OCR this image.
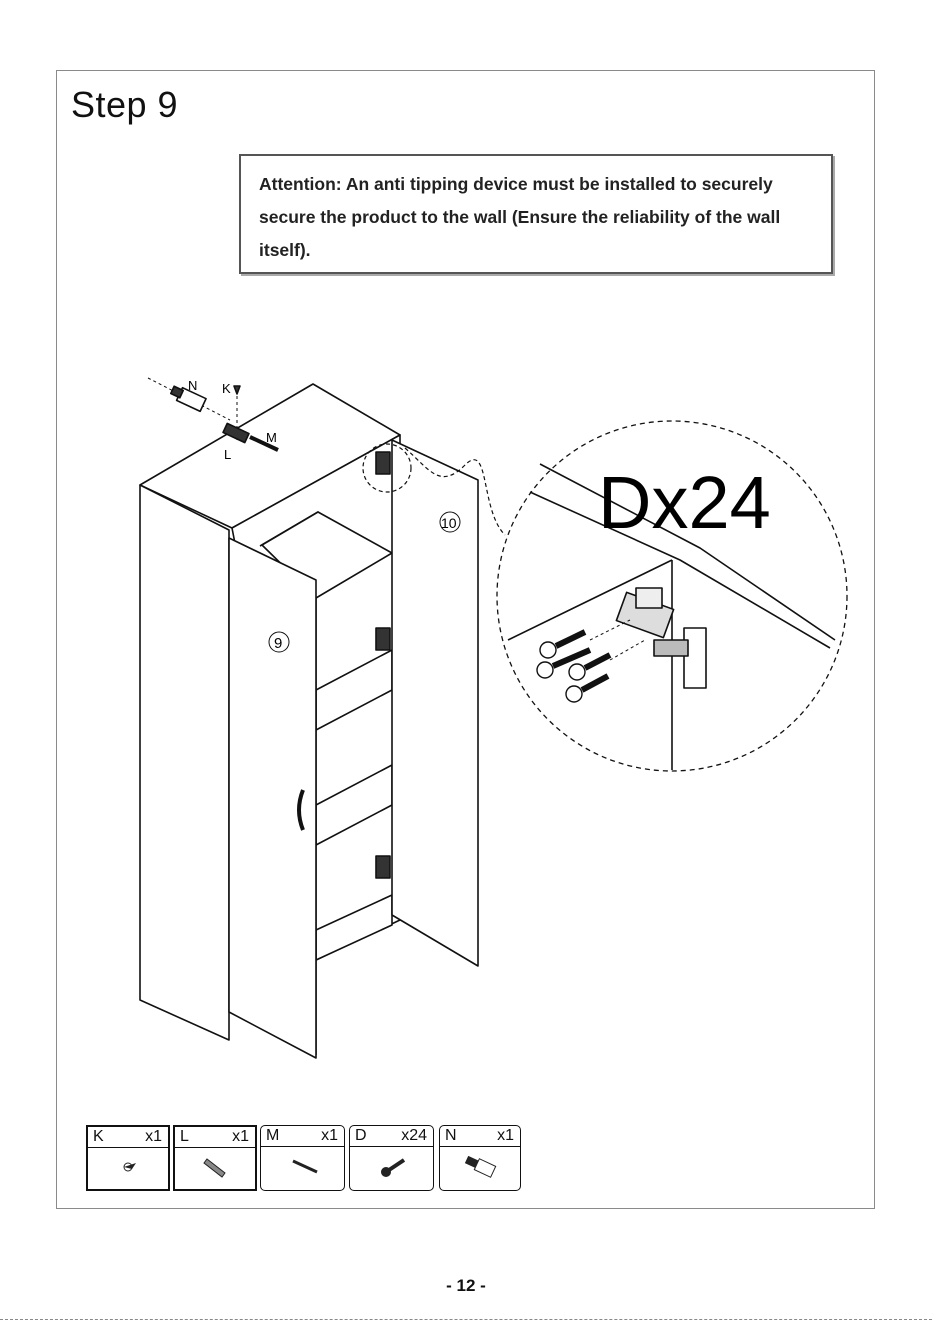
Step 9
Attention: An anti tipping device must be installed to securely secure the product to the wall (Ensure the reliability of the wall itself).
Dx24
N K
M
L
9
10
K	x1 L	x1 M	x1 D x24 N	x1
- 12 -
